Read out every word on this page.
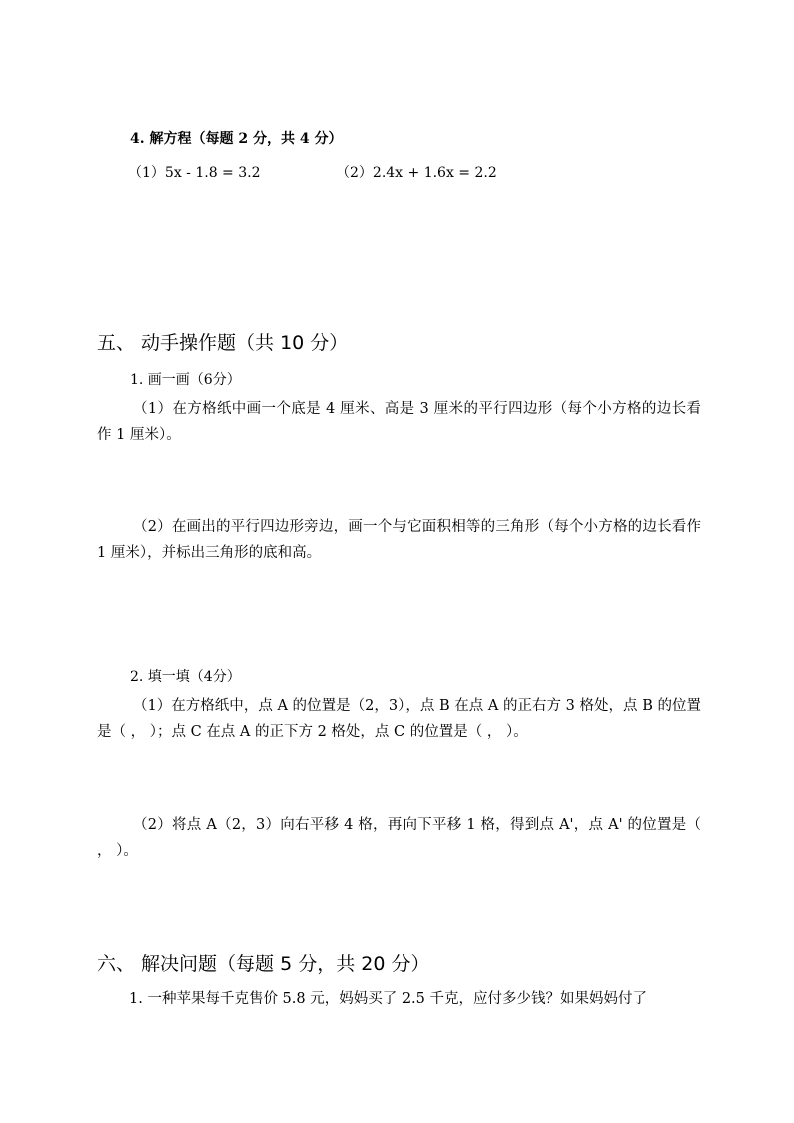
4. 解方程（每题 2 分，共 4 分）
（1）5x - 1.8 = 3.2	（2）2.4x + 1.6x = 2.2
五、 动手操作题（共 10 分）
1. 画一画（6分）
（1）在方格纸中画一个底是 4 厘米、高是 3 厘米的平行四边形（每个小方格的边长看作 1 厘米）。
（2）在画出的平行四边形旁边，画一个与它面积相等的三角形（每个小方格的边长看作 1 厘米），并标出三角形的底和高。
2. 填一填（4分）
（1）在方格纸中，点 A 的位置是（2，3），点 B 在点 A 的正右方 3 格处，点 B 的位置是（ ， ）；点 C 在点 A 的正下方 2 格处，点 C 的位置是（ ， ）。
（2）将点 A（2，3）向右平移 4 格，再向下平移 1 格，得到点 A'，点 A' 的位置是（ ， ）。
六、 解决问题（每题 5 分，共 20 分）
1. 一种苹果每千克售价 5.8 元，妈妈买了 2.5 千克，应付多少钱？如果妈妈付了
